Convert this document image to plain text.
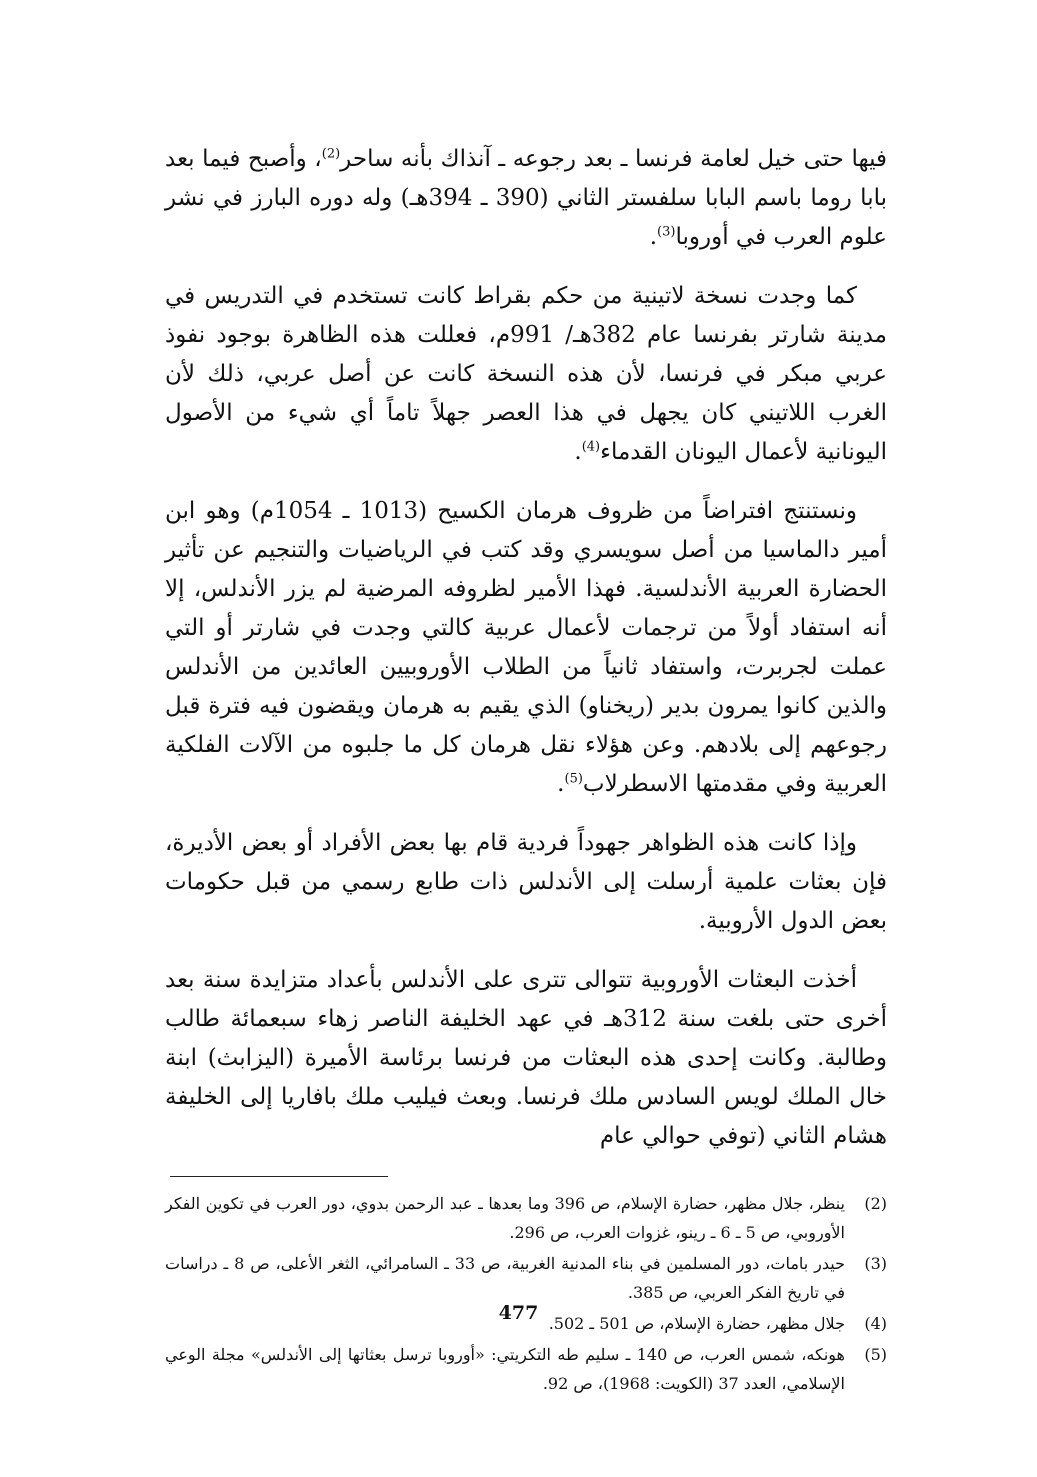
فيها حتى خيل لعامة فرنسا ـ بعد رجوعه ـ آنذاك بأنه ساحر$^{(2)}$، وأصبح فيما بعد بابا روما باسم البابا سلفستر الثاني (390 ـ 394هـ) وله دوره البارز في نشر علوم العرب في أوروبا$^{(3)}$.

كما وجدت نسخة لاتينية من حكم بقراط كانت تستخدم في التدريس في مدينة شارتر بفرنسا عام 382هـ/ 991م، فعللت هذه الظاهرة بوجود نفوذ عربي مبكر في فرنسا، لأن هذه النسخة كانت عن أصل عربي، ذلك لأن الغرب اللاتيني كان يجهل في هذا العصر جهلاً تاماً أي شيء من الأصول اليونانية لأعمال اليونان القدماء$^{(4)}$.

ونستنتج افتراضاً من ظروف هرمان الكسيح (1013 ـ 1054م) وهو ابن أمير دالماسيا من أصل سويسري وقد كتب في الرياضيات والتنجيم عن تأثير الحضارة العربية الأندلسية. فهذا الأمير لظروفه المرضية لم يزر الأندلس، إلا أنه استفاد أولاً من ترجمات لأعمال عربية كالتي وجدت في شارتر أو التي عملت لجربرت، واستفاد ثانياً من الطلاب الأوروبيين العائدين من الأندلس والذين كانوا يمرون بدير (ريخناو) الذي يقيم به هرمان ويقضون فيه فترة قبل رجوعهم إلى بلادهم. وعن هؤلاء نقل هرمان كل ما جلبوه من الآلات الفلكية العربية وفي مقدمتها الاسطرلاب$^{(5)}$.

وإذا كانت هذه الظواهر جهوداً فردية قام بها بعض الأفراد أو بعض الأديرة، فإن بعثات علمية أرسلت إلى الأندلس ذات طابع رسمي من قبل حكومات بعض الدول الأروبية.

أخذت البعثات الأوروبية تتوالى تترى على الأندلس بأعداد متزايدة سنة بعد أخرى حتى بلغت سنة 312هـ في عهد الخليفة الناصر زهاء سبعمائة طالب وطالبة. وكانت إحدى هذه البعثات من فرنسا برئاسة الأميرة (اليزابث) ابنة خال الملك لويس السادس ملك فرنسا. وبعث فيليب ملك بافاريا إلى الخليفة هشام الثاني (توفي حوالي عام

(2)
ينظر، جلال مظهر، حضارة الإسلام، ص 396 وما بعدها ـ عبد الرحمن بدوي، دور العرب في تكوين الفكر الأوروبي، ص 5 ـ 6 ـ رينو، غزوات العرب، ص 296.
(3)
حيدر بامات، دور المسلمين في بناء المدنية الغربية، ص 33 ـ السامرائي، الثغر الأعلى، ص 8 ـ دراسات في تاريخ الفكر العربي، ص 385.
(4)
جلال مظهر، حضارة الإسلام، ص 501 ـ 502.
(5)
هونكه، شمس العرب، ص 140 ـ سليم طه التكريتي: «أوروبا ترسل بعثاتها إلى الأندلس» مجلة الوعي الإسلامي، العدد 37 (الكويت: 1968)، ص 92.
477
